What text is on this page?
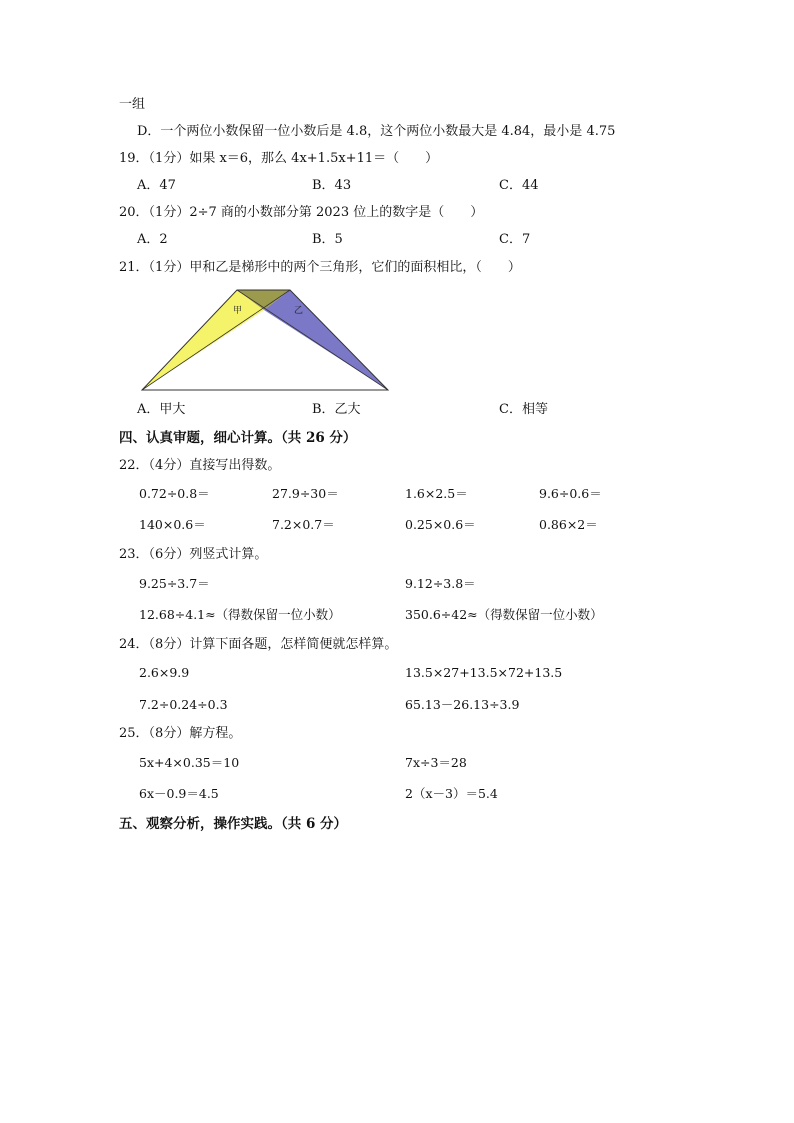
一组
D．一个两位小数保留一位小数后是 4.8，这个两位小数最大是 4.84，最小是 4.75
19．（1分）如果 x＝6，那么 4x+1.5x+11＝（　　）
A．47	B．43	C．44
20．（1分）2÷7 商的小数部分第 2023 位上的数字是（　　）
A．2	B．5	C．7
21．（1分）甲和乙是梯形中的两个三角形，它们的面积相比，（　　）
甲	乙
A．甲大	B．乙大	C．相等
四、认真审题，细心计算。（共 26 分）
22．（4分）直接写出得数。
0.72÷0.8＝	27.9÷30＝	1.6×2.5＝	9.6÷0.6＝
140×0.6＝	7.2×0.7＝	0.25×0.6＝	0.86×2＝
23．（6分）列竖式计算。
9.25÷3.7＝	9.12÷3.8＝
12.68÷4.1≈（得数保留一位小数）	350.6÷42≈（得数保留一位小数）
24．（8分）计算下面各题，怎样简便就怎样算。
2.6×9.9	13.5×27+13.5×72+13.5
7.2÷0.24÷0.3	65.13－26.13÷3.9
25．（8分）解方程。
5x+4×0.35＝10	7x÷3＝28
6x－0.9＝4.5	2（x－3）＝5.4
五、观察分析，操作实践。（共 6 分）
